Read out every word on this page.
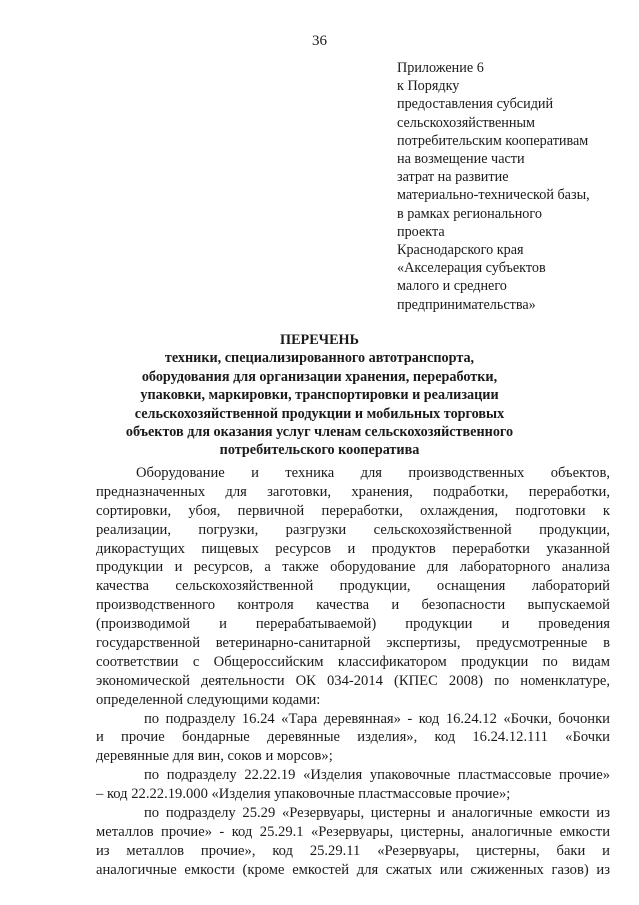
36
Приложение 6
к Порядку
предоставления субсидий
сельскохозяйственным
потребительским кооперативам
на возмещение части
затрат на развитие
материально-технической базы,
в рамках регионального
проекта
Краснодарского края
«Акселерация субъектов
малого и среднего
предпринимательства»
ПЕРЕЧЕНЬ
техники, специализированного автотранспорта,
оборудования для организации хранения, переработки,
упаковки, маркировки, транспортировки и реализации
сельскохозяйственной продукции и мобильных торговых
объектов для оказания услуг членам сельскохозяйственного
потребительского кооператива
Оборудование и техника для производственных объектов,
предназначенных для заготовки, хранения, подработки, переработки,
сортировки, убоя, первичной переработки, охлаждения, подготовки к
реализации, погрузки, разгрузки сельскохозяйственной продукции,
дикорастущих пищевых ресурсов и продуктов переработки указанной
продукции и ресурсов, а также оборудование для лабораторного анализа
качества сельскохозяйственной продукции, оснащения лабораторий
производственного контроля качества и безопасности выпускаемой
(производимой и перерабатываемой) продукции и проведения
государственной ветеринарно-санитарной экспертизы, предусмотренные в
соответствии с Общероссийским классификатором продукции по видам
экономической деятельности ОК 034-2014 (КПЕС 2008) по номенклатуре,
определенной следующими кодами:
по подразделу 16.24 «Тара деревянная» - код 16.24.12 «Бочки, бочонки
и прочие бондарные деревянные изделия», код 16.24.12.111 «Бочки
деревянные для вин, соков и морсов»;
по подразделу 22.22.19 «Изделия упаковочные пластмассовые прочие»
– код 22.22.19.000 «Изделия упаковочные пластмассовые прочие»;
по подразделу 25.29 «Резервуары, цистерны и аналогичные емкости из
металлов прочие» - код 25.29.1 «Резервуары, цистерны, аналогичные емкости
из металлов прочие», код 25.29.11 «Резервуары, цистерны, баки и
аналогичные емкости (кроме емкостей для сжатых или сжиженных газов) из
